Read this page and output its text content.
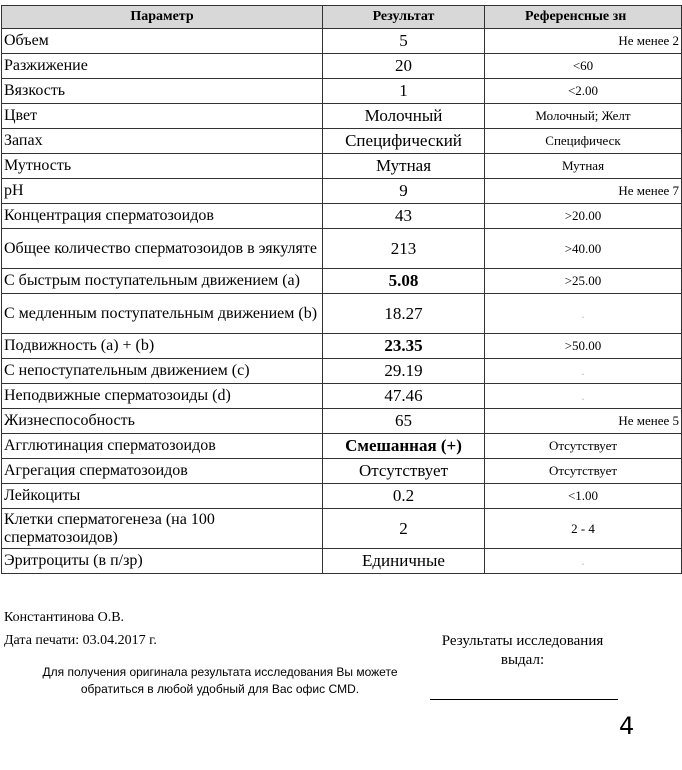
Параметр	Результат	Референсные зн
Объем	5	Не менее 2
Разжижение	20	<60
Вязкость	1	<2.00
Цвет	Молочный	Молочный; Желт
Запах	Специфический	Специфическ
Мутность	Мутная	Мутная
pH	9	Не менее 7
Концентрация сперматозоидов	43	>20.00
Общее количество сперматозоидов в эякуляте	213	>40.00
С быстрым поступательным движением (a)	5.08	>25.00
С медленным поступательным движением (b)	18.27	.
Подвижность (a) + (b)	23.35	>50.00
С непоступательным движением (c)	29.19	.
Неподвижные сперматозоиды (d)	47.46	.
Жизнеспособность	65	Не менее 5
Агглютинация сперматозоидов	Смешанная (+)	Отсутствует
Агрегация сперматозоидов	Отсутствует	Отсутствует
Лейкоциты	0.2	<1.00
Клетки сперматогенеза (на 100 сперматозоидов)	2	2 - 4
Эритроциты (в п/зр)	Единичные	.
Константинова О.В.
Дата печати: 03.04.2017 г.	Результаты исследования выдал:
Для получения оригинала результата исследования Вы можете обратиться в любой удобный для Вас офис CMD.
4
